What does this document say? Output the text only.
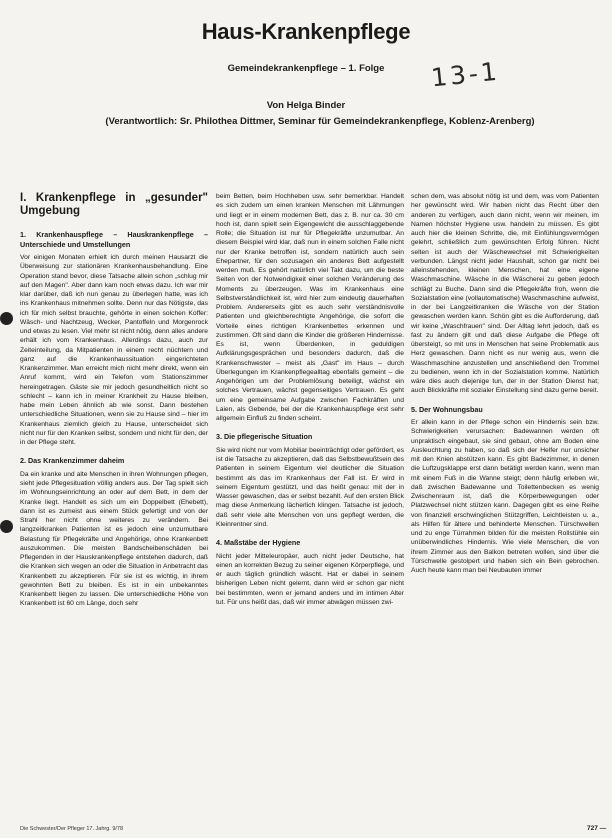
Haus-Krankenpflege
Gemeindekrankenpflege – 1. Folge	13-1
Von Helga Binder
(Verantwortlich: Sr. Philothea Dittmer, Seminar für Gemeindekrankenpflege, Koblenz-Arenberg)
I. Krankenpflege in „gesunder" Umgebung
1. Krankenhauspflege – Hauskrankenpflege – Unterschiede und Umstellungen

Vor einigen Monaten erhielt ich durch meinen Hausarzt die Überweisung zur stationären Krankenhausbehandlung. Eine Operation stand bevor, diese Tatsache allein schon „schlug mir auf den Magen". Aber dann kam noch etwas dazu. Ich war mir klar darüber, daß ich nun genau zu überlegen hatte, was ich ins Krankenhaus mitnehmen sollte. Denn nur das Nötigste, das ich für mich selbst brauchte, gehörte in einen solchen Koffer: Wäsch- und Nachtzeug, Wecker, Pantoffeln und Morgenrock und etwas zu lesen. Viel mehr ist nicht nötig, denn alles andere erhält ich vom Krankenhaus. Allerdings dazu, auch zur Zeiteinteilung, da Mitpatienten in einem recht nüchtern und ganz auf die Krankenhaussituation eingerichteten Krankenzimmer. Man erreicht mich nicht mehr direkt, wenn ein Anruf kommt, wird ein Telefon vom Stationszimmer hereingetragen. Gäste sie mir jedoch gesundheitlich nicht so schlecht – kann ich in meiner Krankheit zu Hause bleiben, habe mein Leben ähnlich ab wie sonst. Dann bestehen unterschiedliche Situationen, wenn sie zu Hause sind – hier im Krankenhaus ziemlich gleich zu Hause, unterscheidet sich nicht nur für den Kranken selbst, sondern und nicht für den, der in der Pflege steht.

2. Das Krankenzimmer daheim

Da ein kranke und alte Menschen in ihren Wohnungen pflegen, sieht jede Pflegesituation völlig anders aus. Der Tag spielt sich im Wohnungseinrichtung an oder auf dem Bett, in dem der Kranke liegt. Handelt es sich um ein Doppelbett (Ehebett), dann ist es zumeist aus einem Stück gefertigt und von der Strahl her nicht ohne weiteres zu verändern. Bei langzeitkranken Patienten ist es jedoch eine unzumutbare Belastung für Pflegekräfte und Angehörige, ohne Krankenbett auszukommen. Die meisten Bandscheibenschäden bei Pflegenden in der Hauskrankenpflege entstehen dadurch, daß die Kranken sich wegen an oder die Situation in Anbetracht das Krankenbett zu akzeptieren. Für sie ist es wichtig, in ihrem gewohnten Bett zu bleiben. Es ist in ein unbekanntes Krankenbett liegen zu lassen. Die unterschiedliche Höhe von Krankenbett ist 60 cm Länge, doch sehr

beim Betten, beim Hochheben usw. sehr bemerkbar. Handelt es sich zudem um einen kranken Menschen mit Lähmungen und liegt er in einem modernen Bett, das z. B. nur ca. 30 cm hoch ist, dann spielt sein Eigengewicht die ausschlaggebende Rolle; die Situation ist nur für Pflegekräfte unzumutbar. An diesem Beispiel wird klar, daß nun in einem solchen Falle nicht nur der Kranke betroffen ist, sondern natürlich auch sein Ehepartner, für den sozusagen ein anderes Bett aufgestellt werden muß. Es gehört natürlich viel Takt dazu, um die beste Seiten von der Notwendigkeit einer solchen Veränderung des Moments zu überzeugen. Was im Krankenhaus eine Selbstverständlichkeit ist, wird hier zum eindeutig dauerhaften Problem. Andererseits gibt es auch sehr verständnisvolle Patienten und gleichberechtigte Angehörige, die sofort die Vorteile eines richtigen Krankenbettes erkennen und zustimmen. Oft sind dann die Kinder die größeren Hindernisse. Es ist, wenn Überdenken, in geduldigen Aufklärungsgesprächen und besonders dadurch, daß die Krankenschwester – meist als „Gast" im Haus – durch Überlegungen im Krankenpflegealltag ebenfalls gemeint – die Angehörigen um der Problemlösung beteiligt, wächst ein solches Vertrauen, wächst gegenseitiges Vertrauen. Es geht um eine gemeinsame Aufgabe zwischen Fachkräften und Laien, als Gebende, bei der die Krankenhauspflege erst sehr allgemein Einfluß zu finden scheint.

3. Die pflegerische Situation

Sie wird nicht nur vom Mobiliar beeinträchtigt oder gefördert, es ist die Tatsache zu akzeptieren, daß das Selbstbewußtsein des Patienten in seinem Eigentum viel deutlicher die Situation bestimmt als das im Krankenhaus der Fall ist. Er wird in seinem Eigentum gestützt, und das heißt genau: mit der in Wasser gewaschen, das er selbst bezahlt. Auf den ersten Blick mag diese Anmerkung lächerlich klingen. Tatsache ist jedoch, daß sehr viele alte Menschen von uns gepflegt werden, die Kleinrentner sind.

4. Maßstäbe der Hygiene

Nicht jeder Mitteleuropäer, auch nicht jeder Deutsche, hat einen an korrekten Bezug zu seiner eigenen Körperpflege, und er auch täglich gründlich wäscht. Hat er dabei in seinem bisherigen Leben nicht gelernt, dann wird er schon gar nicht bei bestimmten, wenn er jemand anders und im intimen Alter tut. Für uns heißt das, daß wir immer abwägen müssen zwi-

schen dem, was absolut nötig ist und dem, was vom Patienten her gewünscht wird. Wir haben nicht das Recht über den anderen zu verfügen, auch dann nicht, wenn wir meinen, im Namen höchster Hygiene usw. handeln zu müssen. Es gibt auch hier die kleinen Schritte, die, mit Einfühlungsvermögen gelehrt, schließlich zum gewünschten Erfolg führen. Nicht selten ist auch der Wäschewechsel mit Schwierigkeiten verbunden. Längst nicht jeder Haushalt, schon gar nicht bei alleinstehenden, kleinen Menschen, hat eine eigene Waschmaschine. Wäsche in die Wäscherei zu geben jedoch schlägt zu Buche. Dann sind die Pflegekräfte froh, wenn die Sozialstation eine (vollautomatische) Waschmaschine aufweist, in der bei Langzeitkranken die Wäsche von der Station gewaschen werden kann. Schön gibt es die Aufforderung, daß wir keine „Waschfrauen" sind. Der Alltag lehrt jedoch, daß es fast zu ändern gilt und daß diese Aufgabe die Pflege oft übersteigt, so mit uns in Menschen hat seine Problematik aus Herz gewaschen. Dann nicht es nur wenig aus, wenn die Waschmaschine anzustellen und anschließend den Trommel zu bedienen, wenn ich in der Sozialstation komme. Natürlich wäre dies auch diejenige tun, der in der Station Dienst hat; auch Blickkräfte mit sozialer Einstellung sind dazu gerne bereit.

5. Der Wohnungsbau

Er allein kann in der Pflege schon ein Hindernis sein bzw. Schwierigkeiten verursachen: Badewannen werden oft unpraktisch eingebaut, sie sind gebaut, ohne am Boden eine Ausleuchtung zu haben, so daß sich der Helfer nur unsicher mit den Knien abstützen kann. Es gibt Badezimmer, in denen die Luftzugsklappe erst dann betätigt werden kann, wenn man mit einem Fuß in die Wanne steigt; denn häufig erleben wir, daß zwischen Badewanne und Toilettenbecken es wenig Zwischenraum ist, daß die Körperbewegungen oder Platzwechsel nicht stützen kann. Dagegen gibt es eine Reihe von finanziell erschwinglichen Stützgriffen, Leichtleisten u. a., als Hilfen für ältere und behinderte Menschen. Türschwellen und zu enge Türrahmen bilden für die meisten Rollstühle ein unüberwindliches Hindernis. Wie viele Menschen, die von ihrem Zimmer aus den Balkon betreten wollen, sind über die Türschwelle gestolpert und haben sich ein Bein gebrochen. Auch heute kann man bei Neubauten immer

Die Schwester/Der Pfleger 17. Jahrg. 9/78	727 —
